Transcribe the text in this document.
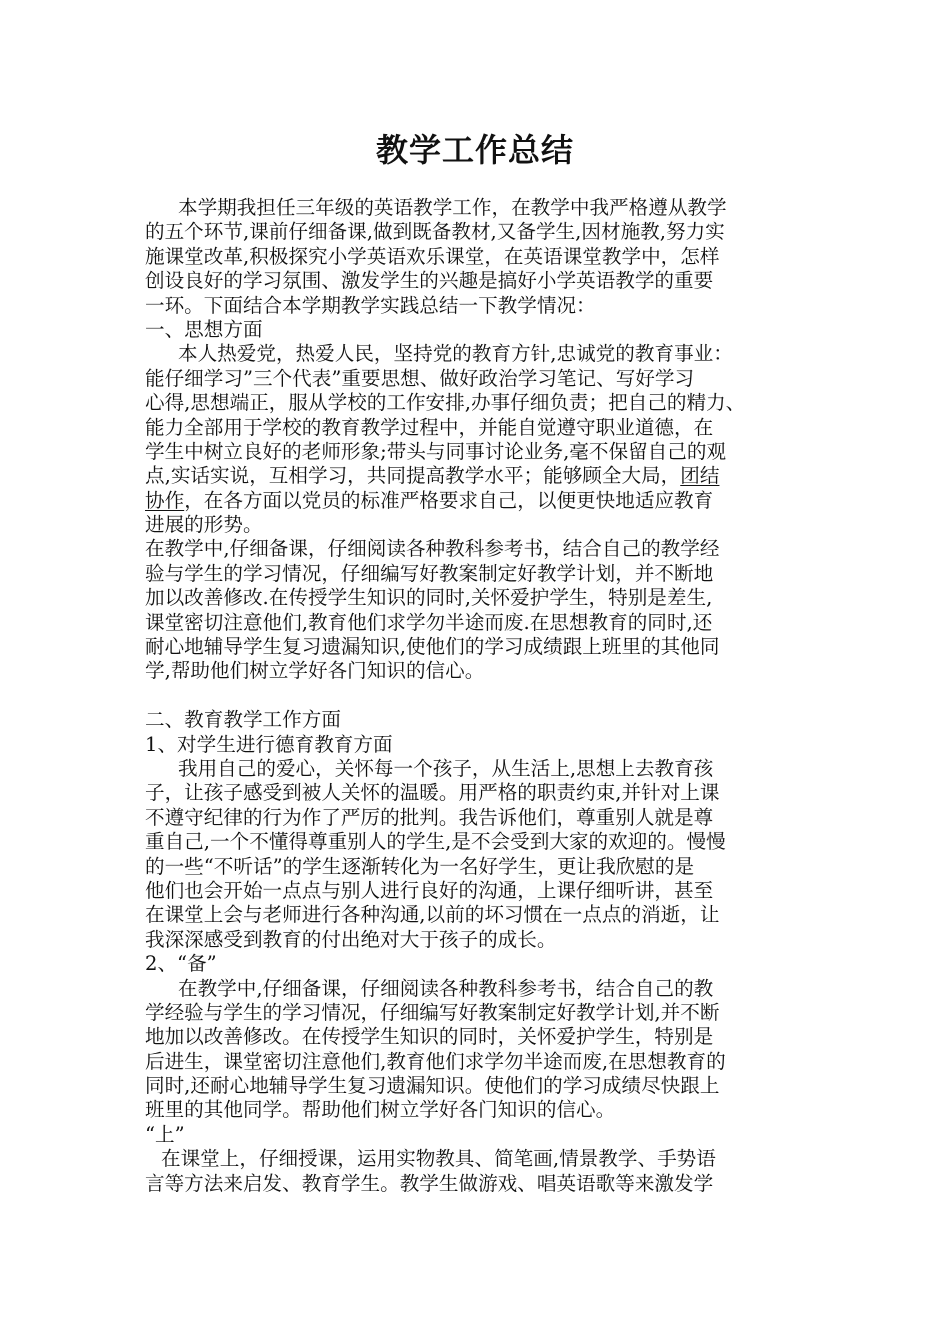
教学工作总结
本学期我担任三年级的英语教学工作，在教学中我严格遵从教学
的五个环节,课前仔细备课,做到既备教材,又备学生,因材施教,努力实
施课堂改革,积极探究小学英语欢乐课堂，在英语课堂教学中，怎样
创设良好的学习氛围、激发学生的兴趣是搞好小学英语教学的重要
一环。下面结合本学期教学实践总结一下教学情况：
一、思想方面
本人热爱党，热爱人民，坚持党的教育方针,忠诚党的教育事业：
能仔细学习”三个代表”重要思想、做好政治学习笔记、写好学习
心得,思想端正，服从学校的工作安排,办事仔细负责；把自己的精力、
能力全部用于学校的教育教学过程中，并能自觉遵守职业道德，在
学生中树立良好的老师形象;带头与同事讨论业务,毫不保留自己的观
点,实话实说，互相学习，共同提高教学水平；能够顾全大局，团结
协作，在各方面以党员的标准严格要求自己，以便更快地适应教育
进展的形势。
在教学中,仔细备课，仔细阅读各种教科参考书，结合自己的教学经
验与学生的学习情况，仔细编写好教案制定好教学计划，并不断地
加以改善修改.在传授学生知识的同时,关怀爱护学生，特别是差生,
课堂密切注意他们,教育他们求学勿半途而废.在思想教育的同时,还
耐心地辅导学生复习遗漏知识,使他们的学习成绩跟上班里的其他同
学,帮助他们树立学好各门知识的信心。
二、教育教学工作方面
1、对学生进行德育教育方面
我用自己的爱心，关怀每一个孩子，从生活上,思想上去教育孩
子，让孩子感受到被人关怀的温暖。用严格的职责约束,并针对上课
不遵守纪律的行为作了严厉的批判。我告诉他们，尊重别人就是尊
重自己,一个不懂得尊重别人的学生,是不会受到大家的欢迎的。慢慢
的一些“不听话”的学生逐渐转化为一名好学生，更让我欣慰的是
他们也会开始一点点与别人进行良好的沟通，上课仔细听讲，甚至
在课堂上会与老师进行各种沟通,以前的坏习惯在一点点的消逝，让
我深深感受到教育的付出绝对大于孩子的成长。
2、“备”
在教学中,仔细备课，仔细阅读各种教科参考书，结合自己的教
学经验与学生的学习情况，仔细编写好教案制定好教学计划,并不断
地加以改善修改。在传授学生知识的同时，关怀爱护学生，特别是
后进生，课堂密切注意他们,教育他们求学勿半途而废,在思想教育的
同时,还耐心地辅导学生复习遗漏知识。使他们的学习成绩尽快跟上
班里的其他同学。帮助他们树立学好各门知识的信心。
“上”
在课堂上，仔细授课，运用实物教具、简笔画,情景教学、手势语
言等方法来启发、教育学生。教学生做游戏、唱英语歌等来激发学
